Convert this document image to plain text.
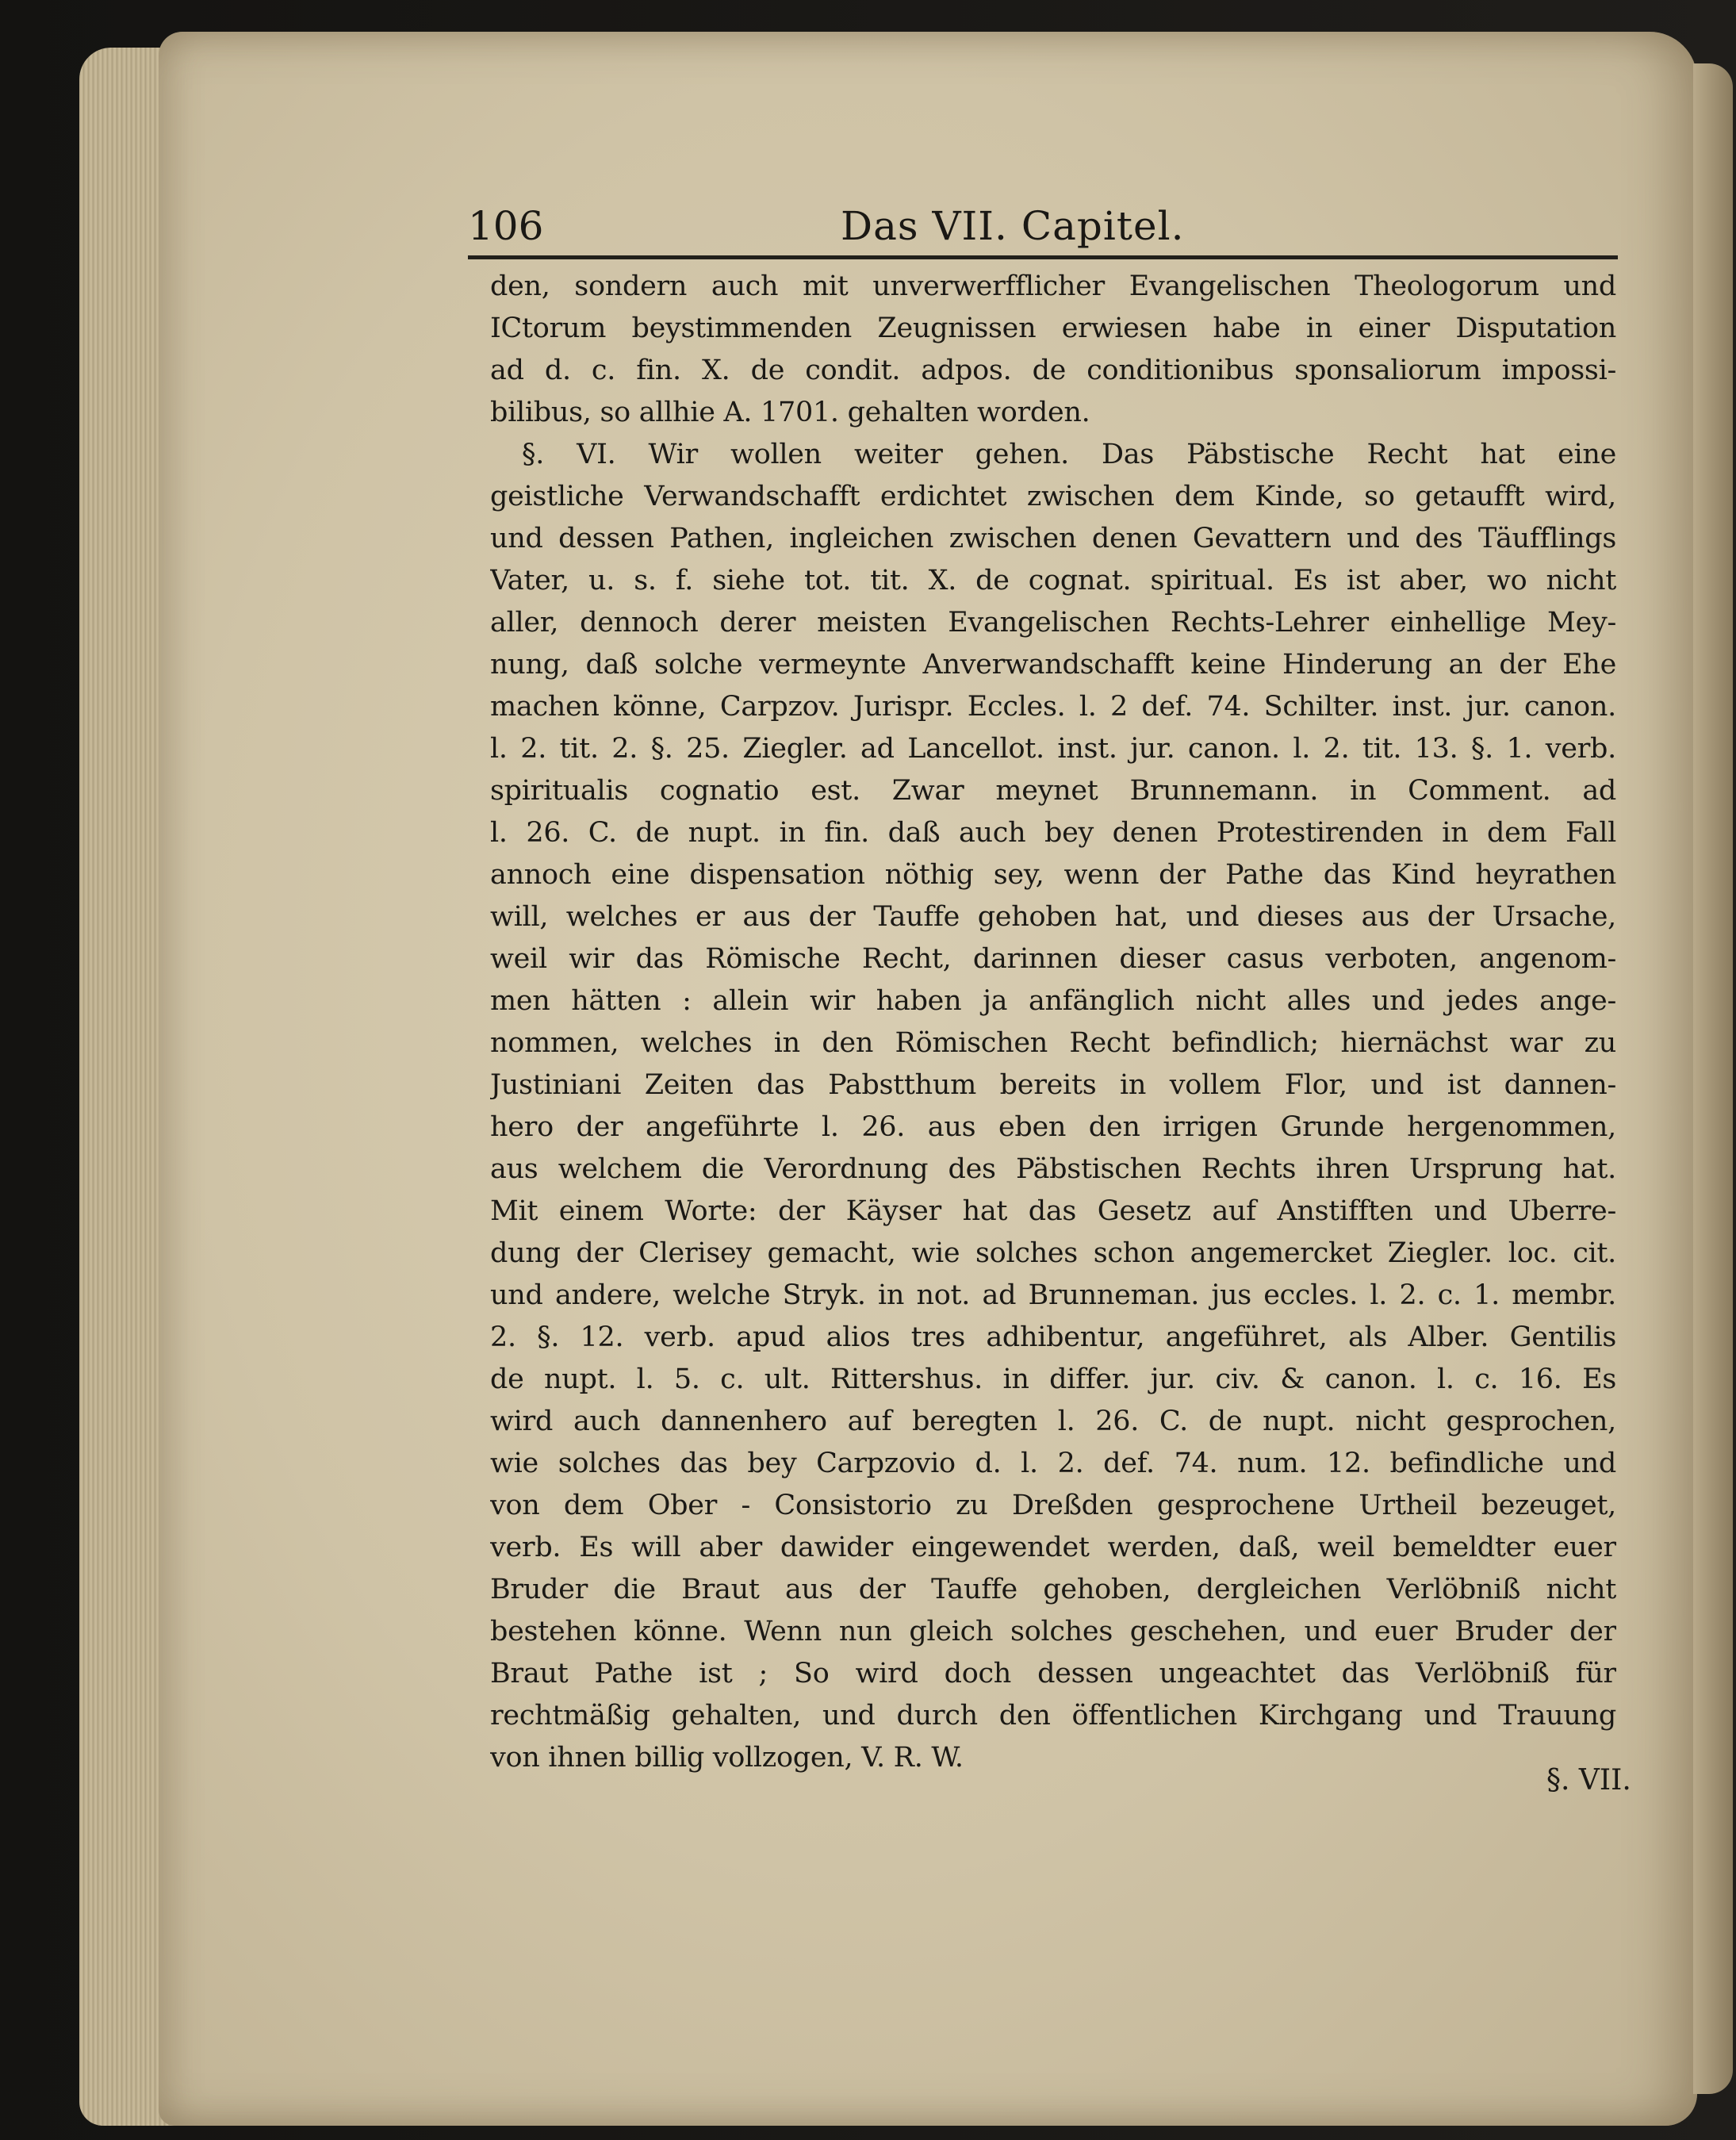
106	Das VII. Capitel.
den, sondern auch mit unverwerfflicher Evangelischen Theologorum und
ICtorum beystimmenden Zeugnissen erwiesen habe in einer Disputation
ad d. c. fin. X. de condit. adpos. de conditionibus sponsaliorum impossi-
bilibus, so allhie A. 1701. gehalten worden.
§. VI. Wir wollen weiter gehen. Das Päbstische Recht hat eine
geistliche Verwandschafft erdichtet zwischen dem Kinde, so getaufft wird,
und dessen Pathen, ingleichen zwischen denen Gevattern und des Täufflings
Vater, u. s. f. siehe tot. tit. X. de cognat. spiritual. Es ist aber, wo nicht
aller, dennoch derer meisten Evangelischen Rechts-Lehrer einhellige Mey-
nung, daß solche vermeynte Anverwandschafft keine Hinderung an der Ehe
machen könne, Carpzov. Jurispr. Eccles. l. 2 def. 74. Schilter. inst. jur. canon.
l. 2. tit. 2. §. 25. Ziegler. ad Lancellot. inst. jur. canon. l. 2. tit. 13. §. 1. verb.
spiritualis cognatio est. Zwar meynet Brunnemann. in Comment. ad
l. 26. C. de nupt. in fin. daß auch bey denen Protestirenden in dem Fall
annoch eine dispensation nöthig sey, wenn der Pathe das Kind heyrathen
will, welches er aus der Tauffe gehoben hat, und dieses aus der Ursache,
weil wir das Römische Recht, darinnen dieser casus verboten, angenom-
men hätten : allein wir haben ja anfänglich nicht alles und jedes ange-
nommen, welches in den Römischen Recht befindlich; hiernächst war zu
Justiniani Zeiten das Pabstthum bereits in vollem Flor, und ist dannen-
hero der angeführte l. 26. aus eben den irrigen Grunde hergenommen,
aus welchem die Verordnung des Päbstischen Rechts ihren Ursprung hat.
Mit einem Worte: der Käyser hat das Gesetz auf Anstifften und Uberre-
dung der Clerisey gemacht, wie solches schon angemercket Ziegler. loc. cit.
und andere, welche Stryk. in not. ad Brunneman. jus eccles. l. 2. c. 1. membr.
2. §. 12. verb. apud alios tres adhibentur, angeführet, als Alber. Gentilis
de nupt. l. 5. c. ult. Rittershus. in differ. jur. civ. & canon. l. c. 16. Es
wird auch dannenhero auf beregten l. 26. C. de nupt. nicht gesprochen,
wie solches das bey Carpzovio d. l. 2. def. 74. num. 12. befindliche und
von dem Ober - Consistorio zu Dreßden gesprochene Urtheil bezeuget,
verb. Es will aber dawider eingewendet werden, daß, weil bemeldter euer
Bruder die Braut aus der Tauffe gehoben, dergleichen Verlöbniß nicht
bestehen könne. Wenn nun gleich solches geschehen, und euer Bruder der
Braut Pathe ist ; So wird doch dessen ungeachtet das Verlöbniß für
rechtmäßig gehalten, und durch den öffentlichen Kirchgang und Trauung
von ihnen billig vollzogen, V. R. W.
§. VII.
